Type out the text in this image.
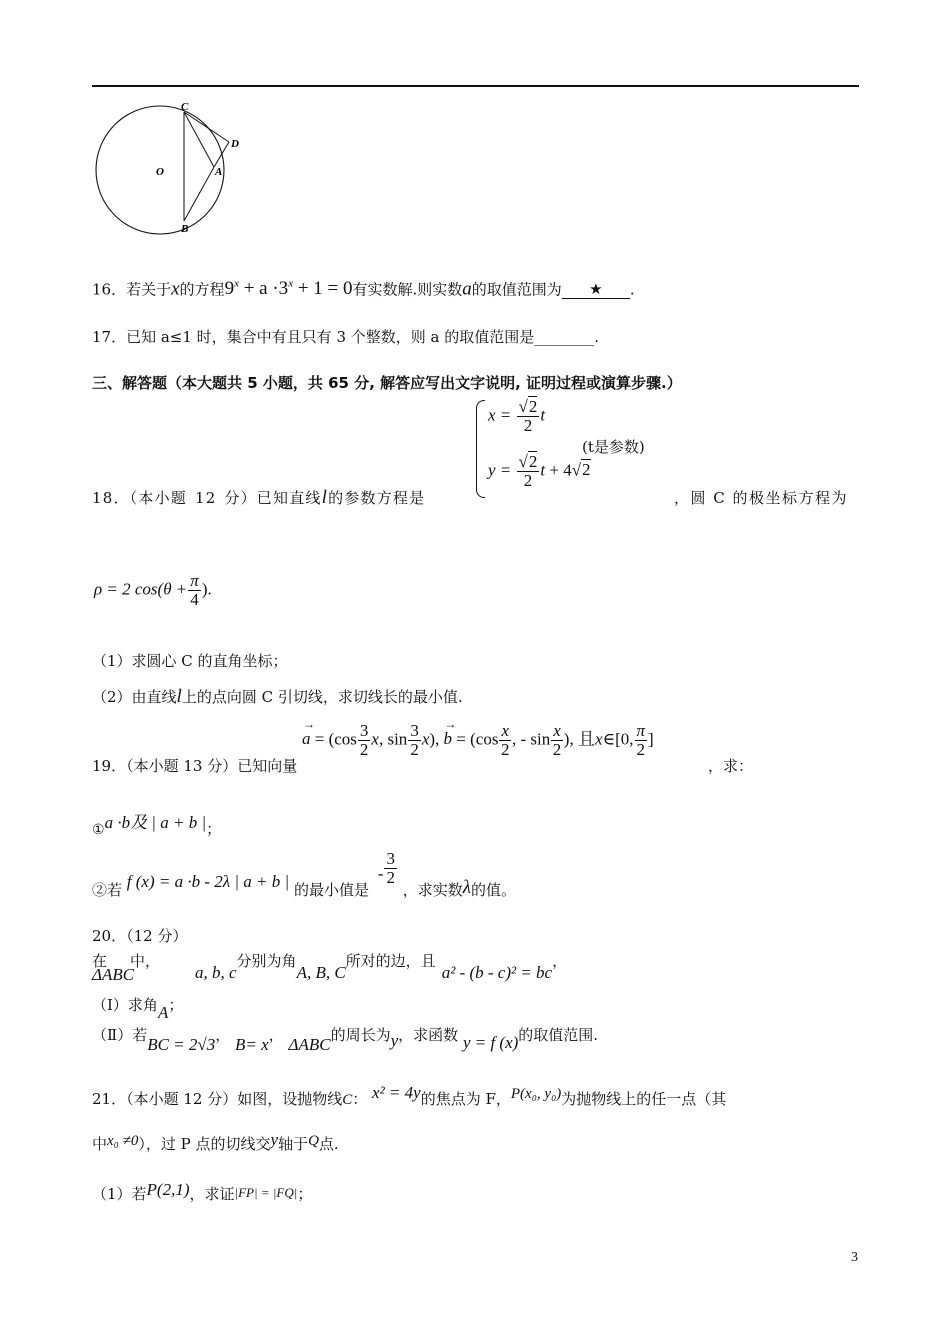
C
D
O	A
B
16．若关于x的方程$9^x + a \cdot 3^x + 1 = 0$有实数解.则实数a的取值范围为 ★ .
17．已知 a≤1 时，集合中有且只有 3 个整数，则 a 的取值范围是________.
三、解答题（本大题共 5 小题，共 65 分, 解答应写出文字说明, 证明过程或演算步骤.）
$x = \frac{√2}{2}$ t
$y = \frac{√2}{2}$ t + 4√2
(t是参数)
18．（本小题 12 分）已知直线l的参数方程是	，圆 C 的极坐标方程为
ρ = 2 $\cos(\theta + \frac{\pi}{4}$ ).
（1）求圆心 C 的直角坐标；
（2）由直线l上的点向圆 C 引切线，求切线长的最小值.
19．（本小题 13 分）已知向量
→
$a = (\cos \frac{3}{2} x$, $\sin \frac{3}{2} x$),
→
$b = (\cos \frac{x}{2}$ , - $\sin \frac{x}{2}$ ), 且x∈[0, $\frac{\pi}{2}$ ]
，求：
①a ·b及 | a + b |；
②若 f (x) = a ·b - 2λ | a + b | 的最小值是 - $\frac{3}{2}$
，求实数λ的值。
20．（12 分）
在
ΔABC
中，
a, b, c分别为角A, B, C所对的边，且a² - (b - c)² = bc，
（Ⅰ）求角A；
（Ⅱ）若BC = 2√3， B= x， ΔABC的周长为y，求函数 y = f (x)的取值范围.
21．（本小题 12 分）如图，设抛物线C： x² = 4y的焦点为 F，P(x₀, y₀)为抛物线上的任一点（其
中x₀ ≠0），过 P 点的切线交y轴于Q点.
（1）若P(2,1)，求证|FP| = |FQ|；
3
